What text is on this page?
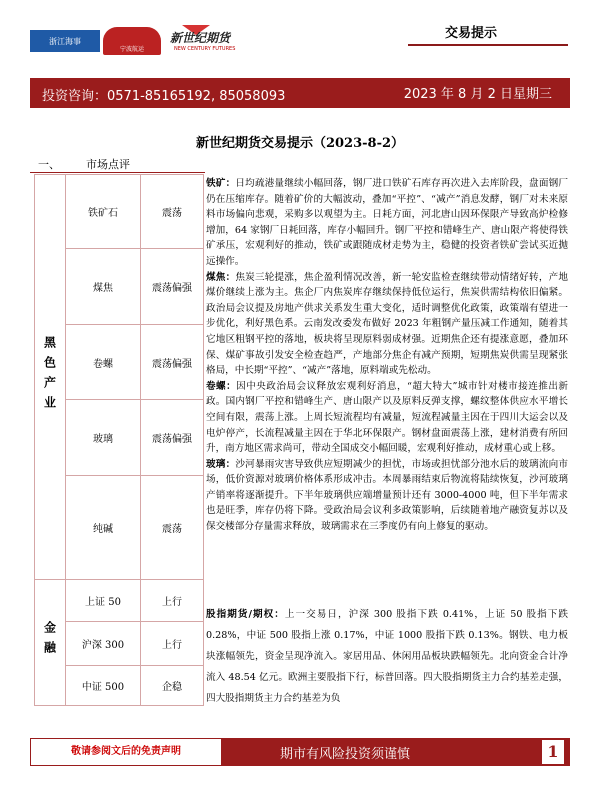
浙江海事
宁波航运
新世纪期货
NEW CENTURY FUTURES
交易提示
投资咨询：0571-85165192, 85058093	2023 年 8 月 2 日星期三
新世纪期货交易提示（2023-8-2）
一、 市场点评
黑色产业	铁矿石	震荡
	煤焦	震荡偏强
	卷螺	震荡偏强
	玻璃	震荡偏强
	纯碱	震荡
金融	上证 50	上行
	沪深 300	上行
	中证 500	企稳

铁矿：日均疏港量继续小幅回落，钢厂进口铁矿石库存再次进入去库阶段，盘面钢厂仍在压缩库存。随着矿价的大幅波动，叠加“平控”、“减产”消息发酵，钢厂对未来原料市场偏向悲观，采购多以观望为主。日耗方面，河北唐山因环保限产导致高炉检修增加，64 家钢厂日耗回落，库存小幅回升。钢厂平控和错峰生产、唐山限产将使得铁矿承压，宏观利好的推动，铁矿或跟随成材走势为主，稳健的投资者铁矿尝试买近抛远操作。

煤焦：焦炭三轮提涨，焦企盈利情况改善，新一轮安监检查继续带动情绪好转，产地煤价继续上涨为主。焦企厂内焦炭库存继续保持低位运行，焦炭供需结构依旧偏紧。政治局会议提及房地产供求关系发生重大变化，适时调整优化政策，政策端有望进一步优化，利好黑色系。云南发改委发布做好 2023 年粗钢产量压减工作通知，随着其它地区粗钢平控的落地，板块将呈现原料弱成材强。近期焦企还有提涨意愿，叠加环保、煤矿事故引发安全检查趋严，产地部分焦企有减产预期，短期焦炭供需呈现紧张格局，中长期“平控”、“减产”落地，原料端或先松动。

卷螺：因中央政治局会议释放宏观利好消息，“超大特大”城市针对楼市接连推出新政。国内钢厂平控和错峰生产、唐山限产以及原料反弹支撑，螺纹整体供应水平增长空间有限，震荡上涨。上周长短流程均有减量，短流程减量主因在于四川大运会以及电炉停产，长流程减量主因在于华北环保限产。钢材盘面震荡上涨，建材消费有所回升，南方地区需求尚可，带动全国成交小幅回暖，宏观利好推动，成材重心或上移。

玻璃：沙河暴雨灾害导致供应短期减少的担忧，市场或担忧部分池水后的玻璃流向市场，低价资源对玻璃价格体系形成冲击。本周暴雨结束后物流将陆续恢复，沙河玻璃产销率将逐渐提升。下半年玻璃供应端增量预计还有 3000-4000 吨，但下半年需求也是旺季，库存仍将下降。受政治局会议利多政策影响，后续随着地产融资复苏以及保交楼部分存量需求释放，玻璃需求在三季度仍有向上修复的驱动。

股指期货/期权：上一交易日，沪深 300 股指下跌 0.41%，上证 50 股指下跌 0.28%，中证 500 股指上涨 0.17%，中证 1000 股指下跌 0.13%。钢铁、电力板块涨幅领先，资金呈现净流入。家居用品、休闲用品板块跌幅领先。北向资金合计净流入 48.54 亿元。欧洲主要股指下行，标普回落。四大股指期货主力合约基差走强，四大股指期货主力合约基差为负

敬请参阅文后的免责声明	期市有风险投资须谨慎	1
